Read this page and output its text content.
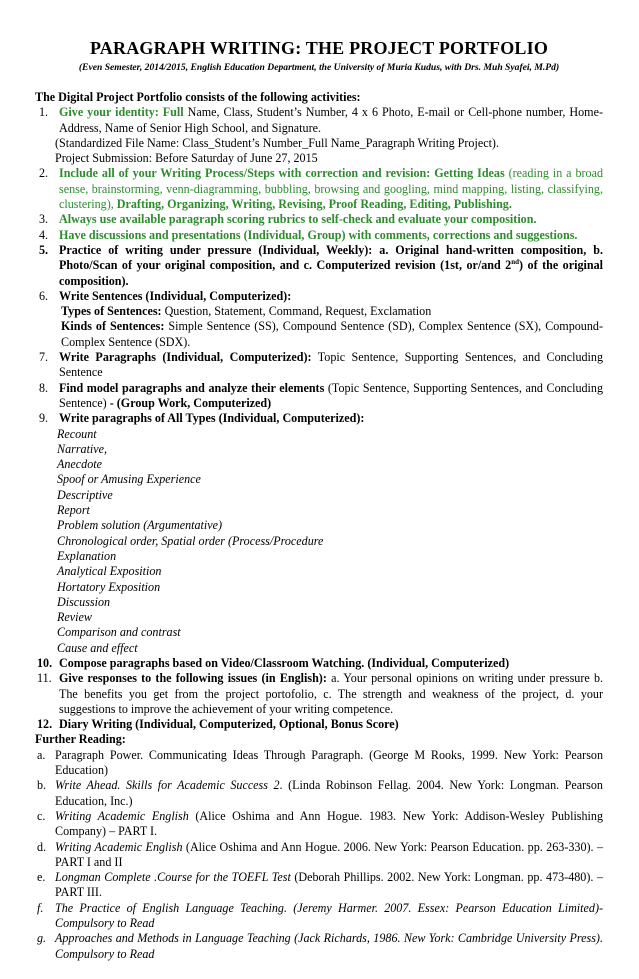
PARAGRAPH WRITING: THE PROJECT PORTFOLIO
(Even Semester, 2014/2015, English Education Department, the University of Muria Kudus, with Drs. Muh Syafei, M.Pd)
The Digital Project Portfolio consists of the following activities:
1. Give your identity: Full Name, Class, Student’s Number, 4 x 6 Photo, E-mail or Cell-phone number, Home-Address, Name of Senior High School, and Signature.
(Standardized File Name: Class_Student’s Number_Full Name_Paragraph Writing Project).
Project Submission: Before Saturday of June 27, 2015
2. Include all of your Writing Process/Steps with correction and revision: Getting Ideas (reading in a broad sense, brainstorming, venn-diagramming, bubbling, browsing and googling, mind mapping, listing, classifying, clustering), Drafting, Organizing, Writing, Revising, Proof Reading, Editing, Publishing.
3. Always use available paragraph scoring rubrics to self-check and evaluate your composition.
4. Have discussions and presentations (Individual, Group) with comments, corrections and suggestions.
5. Practice of writing under pressure (Individual, Weekly): a. Original hand-written composition, b. Photo/Scan of your original composition, and c. Computerized revision (1st, or/and 2nd) of the original composition).
6. Write Sentences (Individual, Computerized):
Types of Sentences: Question, Statement, Command, Request, Exclamation
Kinds of Sentences: Simple Sentence (SS), Compound Sentence (SD), Complex Sentence (SX), Compound-Complex Sentence (SDX).
7. Write Paragraphs (Individual, Computerized): Topic Sentence, Supporting Sentences, and Concluding Sentence
8. Find model paragraphs and analyze their elements (Topic Sentence, Supporting Sentences, and Concluding Sentence) - (Group Work, Computerized)
9. Write paragraphs of All Types (Individual, Computerized):
Recount
Narrative,
Anecdote
Spoof or Amusing Experience
Descriptive
Report
Problem solution (Argumentative)
Chronological order, Spatial order (Process/Procedure
Explanation
Analytical Exposition
Hortatory Exposition
Discussion
Review
Comparison and contrast
Cause and effect
10. Compose paragraphs based on Video/Classroom Watching. (Individual, Computerized)
11. Give responses to the following issues (in English): a. Your personal opinions on writing under pressure b. The benefits you get from the project portofolio, c. The strength and weakness of the project, d. your suggestions to improve the achievement of your writing competence.
12. Diary Writing (Individual, Computerized, Optional, Bonus Score)
Further Reading:
a. Paragraph Power. Communicating Ideas Through Paragraph. (George M Rooks, 1999. New York: Pearson Education)
b. Write Ahead. Skills for Academic Success 2. (Linda Robinson Fellag. 2004. New York: Longman. Pearson Education, Inc.)
c. Writing Academic English (Alice Oshima and Ann Hogue. 1983. New York: Addison-Wesley Publishing Company) – PART I.
d. Writing Academic English (Alice Oshima and Ann Hogue. 2006. New York: Pearson Education. pp. 263-330). – PART I and II
e. Longman Complete .Course for the TOEFL Test (Deborah Phillips. 2002. New York: Longman. pp. 473-480). – PART III.
f. The Practice of English Language Teaching. (Jeremy Harmer. 2007. Essex: Pearson Education Limited)- Compulsory to Read
g. Approaches and Methods in Language Teaching (Jack Richards, 1986. New York: Cambridge University Press). Compulsory to Read
